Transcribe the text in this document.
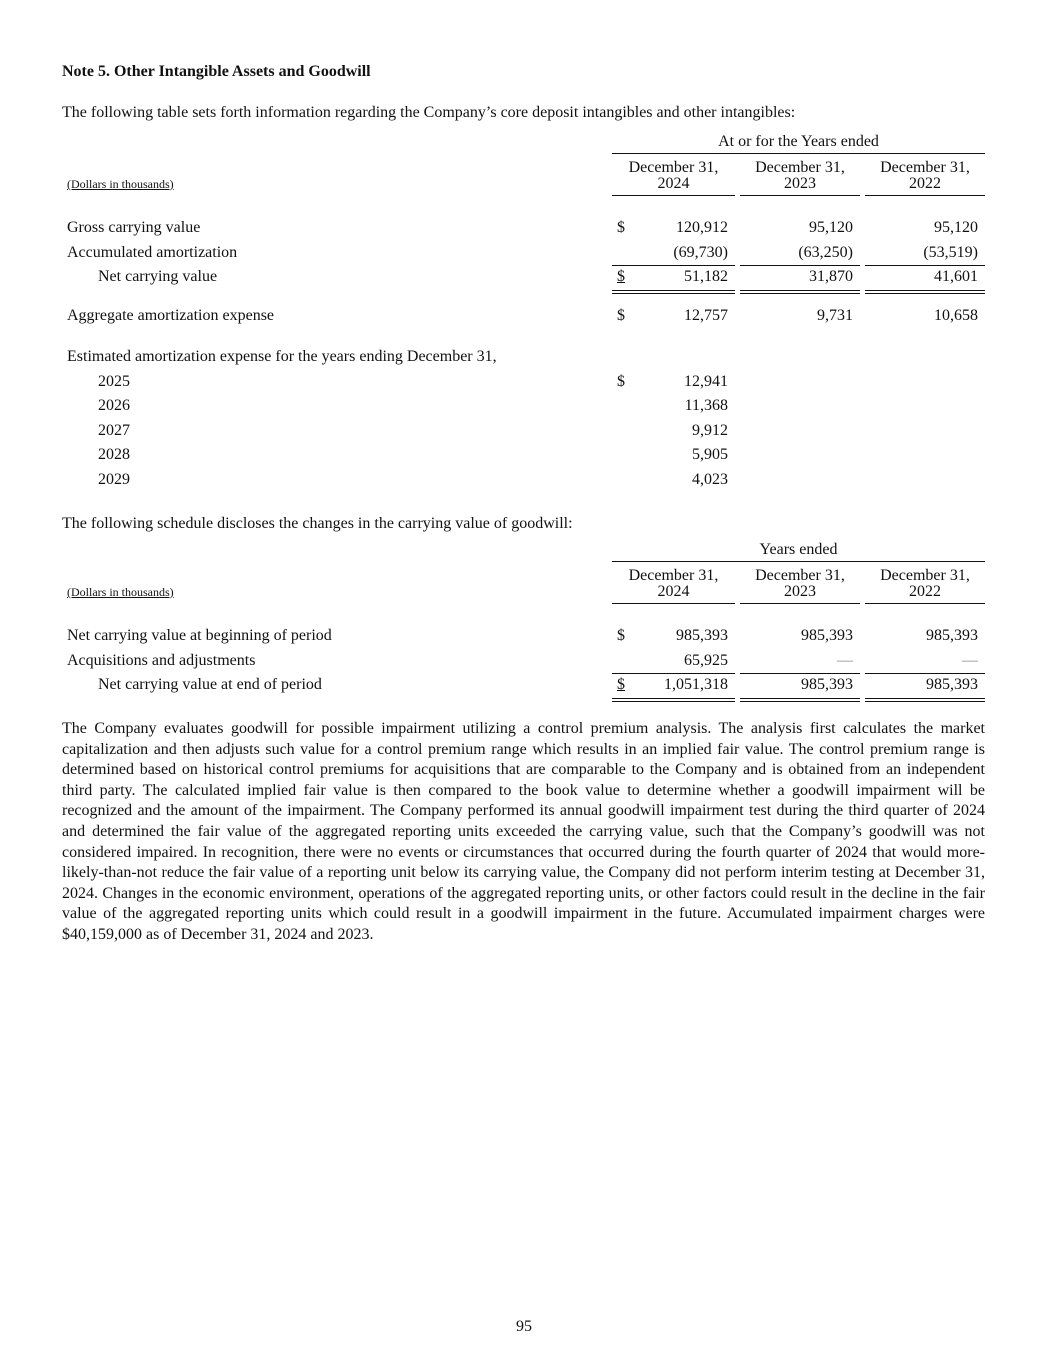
Note 5. Other Intangible Assets and Goodwill
The following table sets forth information regarding the Company’s core deposit intangibles and other intangibles:
At or for the Years ended
(Dollars in thousands)
December 31,
2024
December 31,
2023
December 31,
2022
Gross carrying value	$	120,912	95,120	95,120
Accumulated amortization	(69,730)	(63,250)	(53,519)
Net carrying value	$	51,182	31,870	41,601
Aggregate amortization expense	$	12,757	9,731	10,658
Estimated amortization expense for the years ending December 31,
2025	$	12,941
2026	11,368
2027	9,912
2028	5,905
2029	4,023
The following schedule discloses the changes in the carrying value of goodwill:
Years ended
(Dollars in thousands)
December 31,
2024
December 31,
2023
December 31,
2022
Net carrying value at beginning of period	$	985,393	985,393	985,393
Acquisitions and adjustments	65,925	—	—
Net carrying value at end of period	$ 1,051,318	985,393	985,393
The Company evaluates goodwill for possible impairment utilizing a control premium analysis. The analysis first calculates the market capitalization and then adjusts such value for a control premium range which results in an implied fair value. The control premium range is determined based on historical control premiums for acquisitions that are comparable to the Company and is obtained from an independent third party. The calculated implied fair value is then compared to the book value to determine whether a goodwill impairment will be recognized and the amount of the impairment. The Company performed its annual goodwill impairment test during the third quarter of 2024 and determined the fair value of the aggregated reporting units exceeded the carrying value, such that the Company’s goodwill was not considered impaired. In recognition, there were no events or circumstances that occurred during the fourth quarter of 2024 that would more-likely-than-not reduce the fair value of a reporting unit below its carrying value, the Company did not perform interim testing at December 31, 2024. Changes in the economic environment, operations of the aggregated reporting units, or other factors could result in the decline in the fair value of the aggregated reporting units which could result in a goodwill impairment in the future. Accumulated impairment charges were $40,159,000 as of December 31, 2024 and 2023.
95
